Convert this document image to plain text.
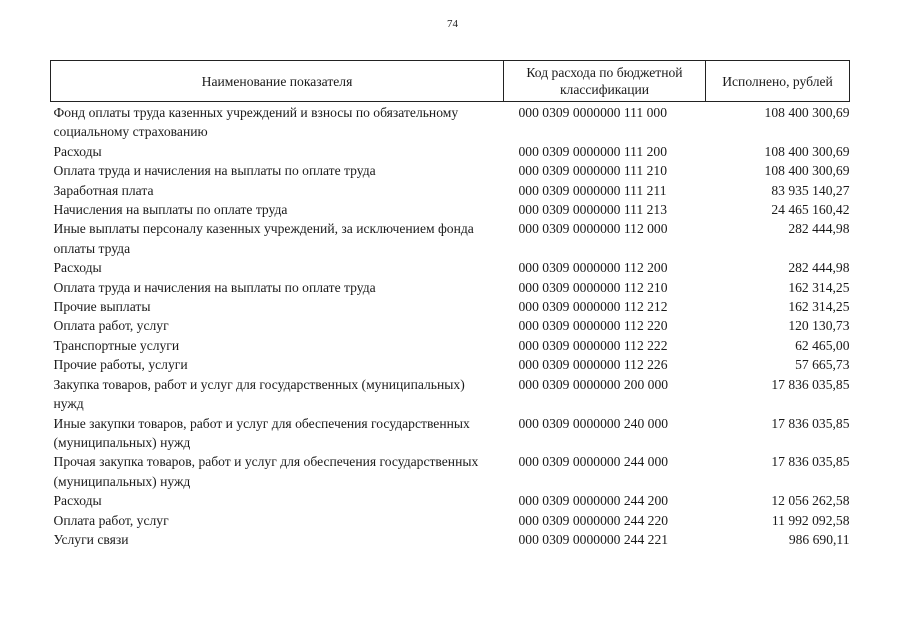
74
Наименование показателя	Код расхода по бюджетной классификации	Исполнено, рублей
Фонд оплаты труда казенных учреждений и взносы по обязательному социальному страхованию	000 0309 0000000 111 000	108 400 300,69
Расходы	000 0309 0000000 111 200	108 400 300,69
Оплата труда и начисления на выплаты по оплате труда	000 0309 0000000 111 210	108 400 300,69
Заработная плата	000 0309 0000000 111 211	83 935 140,27
Начисления на выплаты по оплате труда	000 0309 0000000 111 213	24 465 160,42
Иные выплаты персоналу казенных учреждений, за исключением фонда оплаты труда	000 0309 0000000 112 000	282 444,98
Расходы	000 0309 0000000 112 200	282 444,98
Оплата труда и начисления на выплаты по оплате труда	000 0309 0000000 112 210	162 314,25
Прочие выплаты	000 0309 0000000 112 212	162 314,25
Оплата работ, услуг	000 0309 0000000 112 220	120 130,73
Транспортные услуги	000 0309 0000000 112 222	62 465,00
Прочие работы, услуги	000 0309 0000000 112 226	57 665,73
Закупка товаров, работ и услуг для государственных (муниципальных) нужд	000 0309 0000000 200 000	17 836 035,85
Иные закупки товаров, работ и услуг для обеспечения государственных (муниципальных) нужд	000 0309 0000000 240 000	17 836 035,85
Прочая закупка товаров, работ и услуг для обеспечения государственных (муниципальных) нужд	000 0309 0000000 244 000	17 836 035,85
Расходы	000 0309 0000000 244 200	12 056 262,58
Оплата работ, услуг	000 0309 0000000 244 220	11 992 092,58
Услуги связи	000 0309 0000000 244 221	986 690,11
